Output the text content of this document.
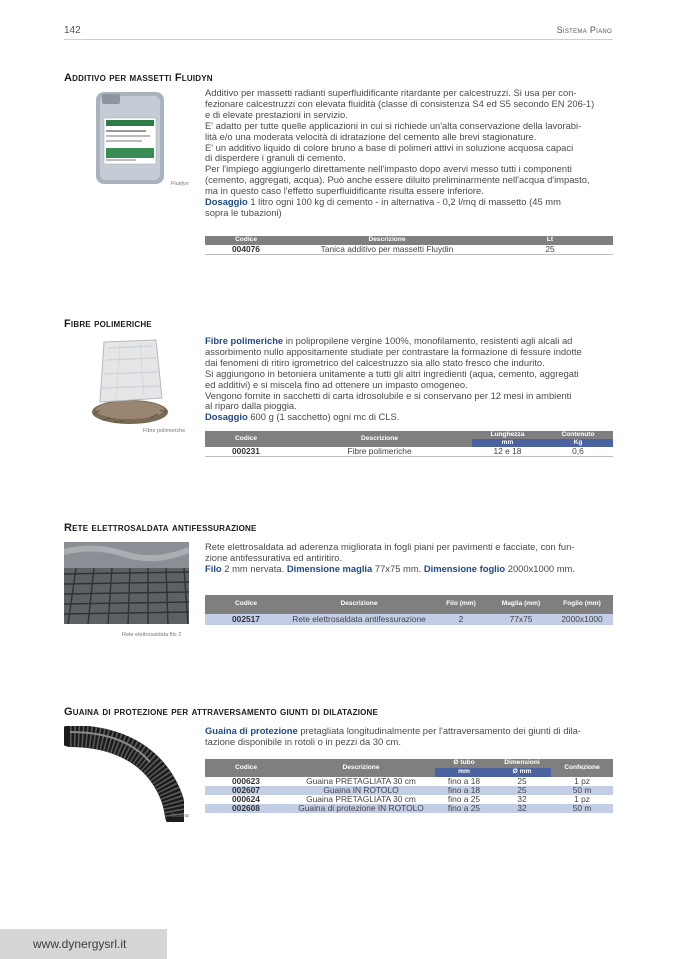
142	Sistema Piano
Additivo per massetti Fluidyn
Fluidyn

Additivo per massetti radianti superfluidificante ritardante per calcestruzzi. Si usa per con-

fezionare calcestruzzi con elevata fluidità (classe di consistenza S4 ed S5 secondo EN 206-1)

e di elevate prestazioni in servizio.

E' adatto per tutte quelle applicazioni in cui si richiede un'alta conservazione della lavorabi-

lità e/o una moderata velocità di idratazione del cemento alle brevi stagionature.

E' un additivo liquido di colore bruno a base di polimeri attivi in soluzione acquosa capaci

di disperdere i granuli di cemento.

Per l'impiego aggiungerlo direttamente nell'impasto dopo avervi messo tutti i componenti

(cemento, aggregati, acqua). Può anche essere diluito preliminarmente nell'acqua d'impasto,

ma in questo caso l'effetto superfluidificante risulta essere inferiore.

Dosaggio 1 litro ogni 100 kg di cemento - in alternativa - 0,2 l/mq di massetto (45 mm

sopra le tubazioni)

Codice	Descrizione	Lt
004076	Tanica additivo per massetti Fluydin	25
Fibre polimeriche
Fibre polimeriche

Fibre polimeriche in polipropilene vergine 100%, monofilamento, resistenti agli alcali ad

assorbimento nullo appositamente studiate per contrastare la formazione di fessure indotte

dai fenomeni di ritiro igrometrico del calcestruzzo sia allo stato fresco che indurito.

Si aggiungono in betoniera unitamente a tutti gli altri ingredienti (aqua, cemento, aggregati

ed additivi) e si miscela fino ad ottenere un impasto omogeneo.

Vengono fornite in sacchetti di carta idrosolubile e si conservano per 12 mesi in ambienti

al riparo dalla pioggia.

Dosaggio 600 g (1 sacchetto) ogni mc di CLS.

Codice	Descrizione	Lunghezza	Contenuto
		mm	Kg
000231	Fibre polimeriche	12 e 18	0,6
Rete elettrosaldata antifessurazione
Rete elettrosaldata filo 2

Rete elettrosaldata ad aderenza migliorata in fogli piani per pavimenti e facciate, con fun-

zione antifessurativa ed antiritiro.

Filo 2 mm nervata. Dimensione maglia 77x75 mm. Dimensione foglio 2000x1000 mm.

Codice	Descrizione	Filo (mm)	Maglia (mm)	Foglio (mm)
002517	Rete elettrosaldata antifessurazione	2	77x75	2000x1000
Guaina di protezione per attraversamento giunti di dilatazione
Guaina

Guaina di protezione pretagliata longitudinalmente per l'attraversamento dei giunti di dila-

tazione disponibile in rotoli o in pezzi da 30 cm.

Codice	Descrizione	Ø tubo	Dimensioni	Confezione
		mm	Ø mm	
000623	Guaina PRETAGLIATA 30 cm	fino a 18	25	1 pz
002607	Guaina IN ROTOLO	fino a 18	25	50 m
000624	Guaina PRETAGLIATA 30 cm	fino a 25	32	1 pz
002608	Guaina di protezione IN ROTOLO	fino a 25	32	50 m
www.dynergysrl.it
